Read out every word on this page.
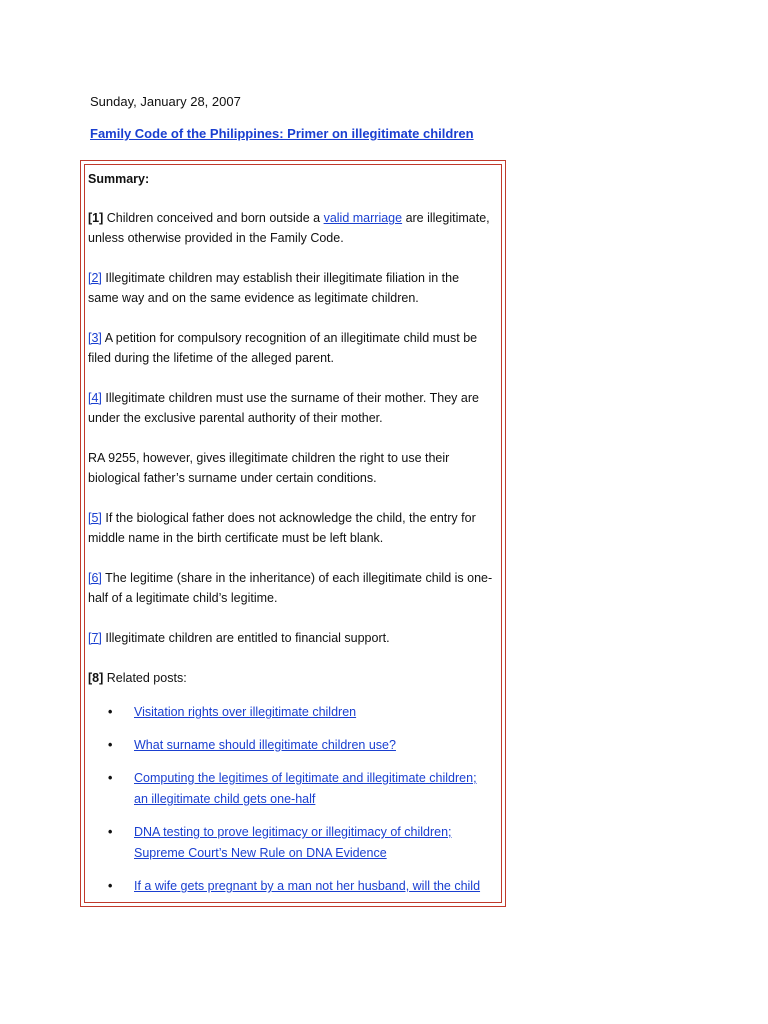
Sunday, January 28, 2007
Family Code of the Philippines: Primer on illegitimate children

Summary:

[1] Children conceived and born outside a valid marriage are illegitimate, unless otherwise provided in the Family Code.

[2] Illegitimate children may establish their illegitimate filiation in the same way and on the same evidence as legitimate children.

[3] A petition for compulsory recognition of an illegitimate child must be filed during the lifetime of the alleged parent.

[4] Illegitimate children must use the surname of their mother. They are under the exclusive parental authority of their mother.

RA 9255, however, gives illegitimate children the right to use their biological father’s surname under certain conditions.

[5] If the biological father does not acknowledge the child, the entry for middle name in the birth certificate must be left blank.

[6] The legitime (share in the inheritance) of each illegitimate child is one-half of a legitimate child’s legitime.

[7] Illegitimate children are entitled to financial support.

[8] Related posts:

• Visitation rights over illegitimate children
• What surname should illegitimate children use?
• Computing the legitimes of legitimate and illegitimate children; an illegitimate child gets one-half
• DNA testing to prove legitimacy or illegitimacy of children; Supreme Court’s New Rule on DNA Evidence
• If a wife gets pregnant by a man not her husband, will the child
